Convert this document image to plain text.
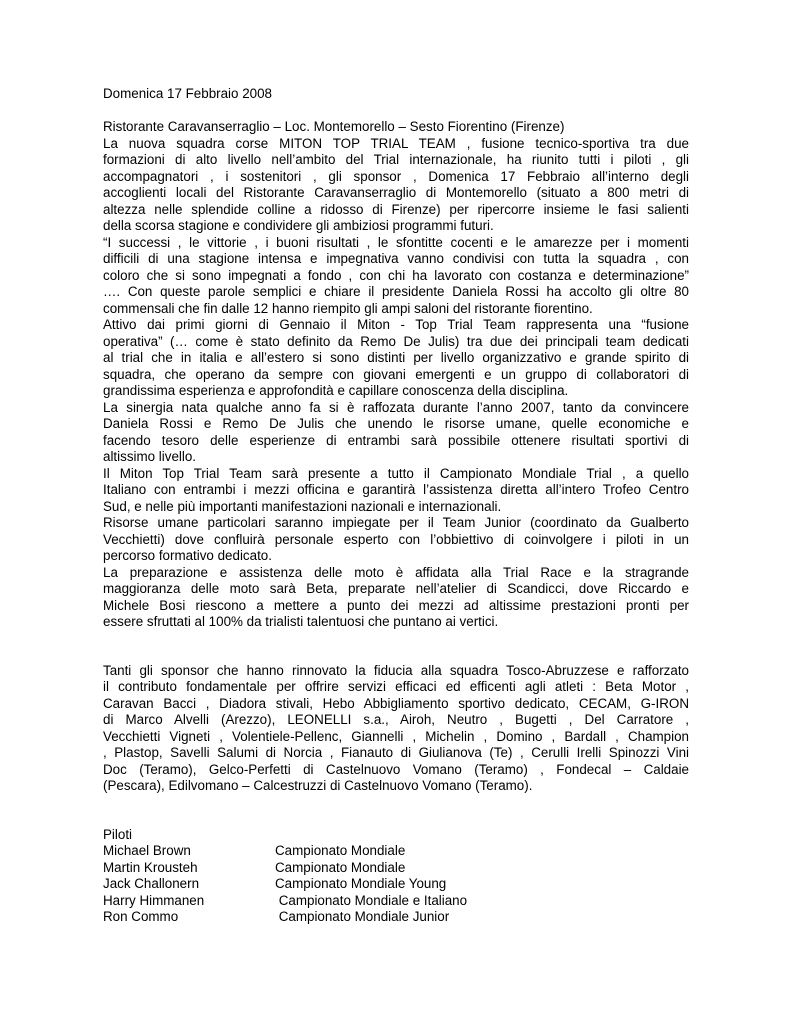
Domenica 17 Febbraio 2008
Ristorante Caravanserraglio – Loc. Montemorello – Sesto Fiorentino (Firenze)
La nuova squadra corse MITON TOP TRIAL TEAM , fusione tecnico-sportiva tra due
formazioni di alto livello nell’ambito del Trial internazionale, ha riunito tutti i piloti , gli
accompagnatori , i sostenitori , gli sponsor , Domenica 17 Febbraio all’interno degli
accoglienti locali del Ristorante Caravanserraglio di Montemorello (situato a 800 metri di
altezza nelle splendide colline a ridosso di Firenze) per ripercorre insieme le fasi salienti
della scorsa stagione e condividere gli ambiziosi programmi futuri.
“I successi , le vittorie , i buoni risultati , le sfontitte cocenti e le amarezze per i momenti
difficili di una stagione intensa e impegnativa vanno condivisi con tutta la squadra , con
coloro che si sono impegnati a fondo , con chi ha lavorato con costanza e determinazione”
…. Con queste parole semplici e chiare il presidente Daniela Rossi ha accolto gli oltre 80
commensali che fin dalle 12 hanno riempito gli ampi saloni del ristorante fiorentino.
Attivo dai primi giorni di Gennaio il Miton - Top Trial Team rappresenta una “fusione
operativa” (… come è stato definito da Remo De Julis) tra due dei principali team dedicati
al trial che in italia e all’estero si sono distinti per livello organizzativo e grande spirito di
squadra, che operano da sempre con giovani emergenti e un gruppo di collaboratori di
grandissima esperienza e approfondità e capillare conoscenza della disciplina.
La sinergia nata qualche anno fa si è raffozata durante l’anno 2007, tanto da convincere
Daniela Rossi e Remo De Julis che unendo le risorse umane, quelle economiche e
facendo tesoro delle esperienze di entrambi sarà possibile ottenere risultati sportivi di
altissimo livello.
Il Miton Top Trial Team sarà presente a tutto il Campionato Mondiale Trial , a quello
Italiano con entrambi i mezzi officina e garantirà l’assistenza diretta all’intero Trofeo Centro
Sud, e nelle più importanti manifestazioni nazionali e internazionali.
Risorse umane particolari saranno impiegate per il Team Junior (coordinato da Gualberto
Vecchietti) dove confluirà personale esperto con l’obbiettivo di coinvolgere i piloti in un
percorso formativo dedicato.
La preparazione e assistenza delle moto è affidata alla Trial Race e la stragrande
maggioranza delle moto sarà Beta, preparate nell’atelier di Scandicci, dove Riccardo e
Michele Bosi riescono a mettere a punto dei mezzi ad altissime prestazioni pronti per
essere sfruttati al 100% da trialisti talentuosi che puntano ai vertici.
Tanti gli sponsor che hanno rinnovato la fiducia alla squadra Tosco-Abruzzese e rafforzato
il contributo fondamentale per offrire servizi efficaci ed efficenti agli atleti : Beta Motor ,
Caravan Bacci , Diadora stivali, Hebo Abbigliamento sportivo dedicato, CECAM, G-IRON
di Marco Alvelli (Arezzo), LEONELLI s.a., Airoh, Neutro , Bugetti , Del Carratore ,
Vecchietti Vigneti , Volentiele-Pellenc, Giannelli , Michelin , Domino , Bardall , Champion
, Plastop, Savelli Salumi di Norcia , Fianauto di Giulianova (Te) , Cerulli Irelli Spinozzi Vini
Doc (Teramo), Gelco-Perfetti di Castelnuovo Vomano (Teramo) , Fondecal – Caldaie
(Pescara), Edilvomano – Calcestruzzi di Castelnuovo Vomano (Teramo).
Piloti
Michael Brown	Campionato Mondiale
Martin Krousteh	Campionato Mondiale
Jack Challonern	Campionato Mondiale Young
Harry Himmanen	Campionato Mondiale e Italiano
Ron Commo	Campionato Mondiale Junior
